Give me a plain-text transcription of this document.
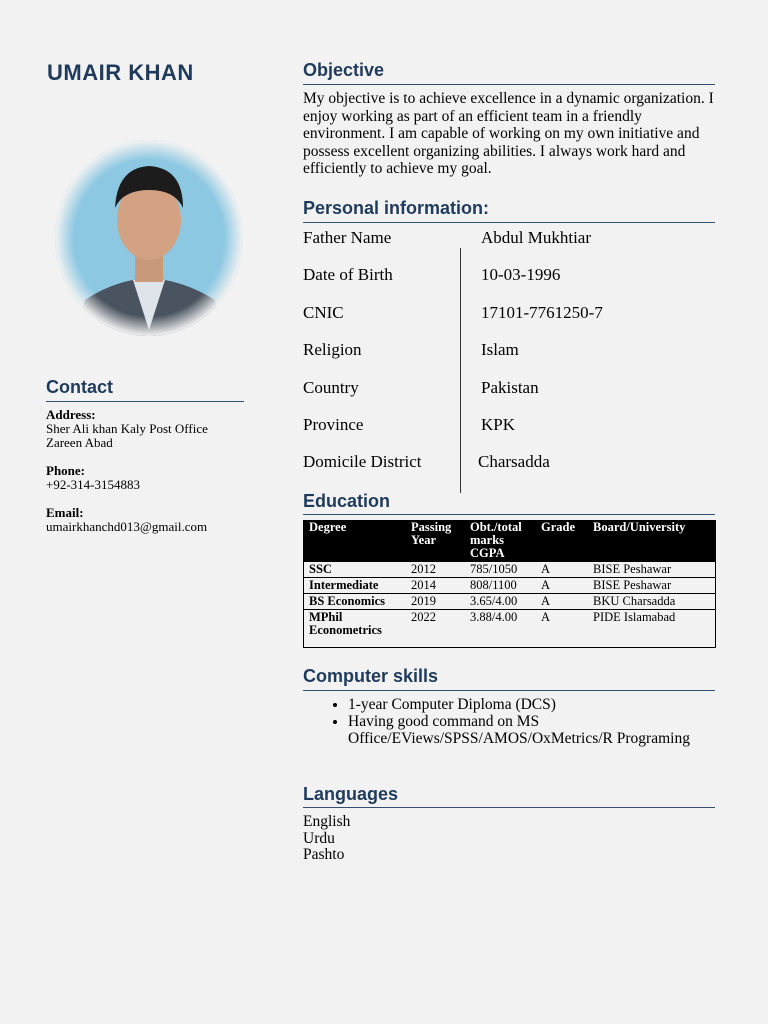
UMAIR KHAN
Contact
Address:
Sher Ali khan Kaly Post Office Zareen Abad
Phone:
+92-314-3154883
Email:
umairkhanchd013@gmail.com
Objective
My objective is to achieve excellence in a dynamic organization. I enjoy working as part of an efficient team in a friendly environment. I am capable of working on my own initiative and possess excellent organizing abilities. I always work hard and efficiently to achieve my goal.
Personal information:
Father Name	Abdul Mukhtiar
Date of Birth	10-03-1996
CNIC	17101-7761250-7
Religion	Islam
Country	Pakistan
Province	KPK
Domicile District	Charsadda
Education
Degree	Passing Year	Obt./total marks CGPA	Grade	Board/University
SSC	2012	785/1050	A	BISE Peshawar
Intermediate	2014	808/1100	A	BISE Peshawar
BS Economics	2019	3.65/4.00	A	BKU Charsadda
MPhil Econometrics	2022	3.88/4.00	A	PIDE Islamabad
Computer skills
• 1-year Computer Diploma (DCS)
• Having good command on MS Office/EViews/SPSS/AMOS/OxMetrics/R Programing
Languages
English
Urdu
Pashto
